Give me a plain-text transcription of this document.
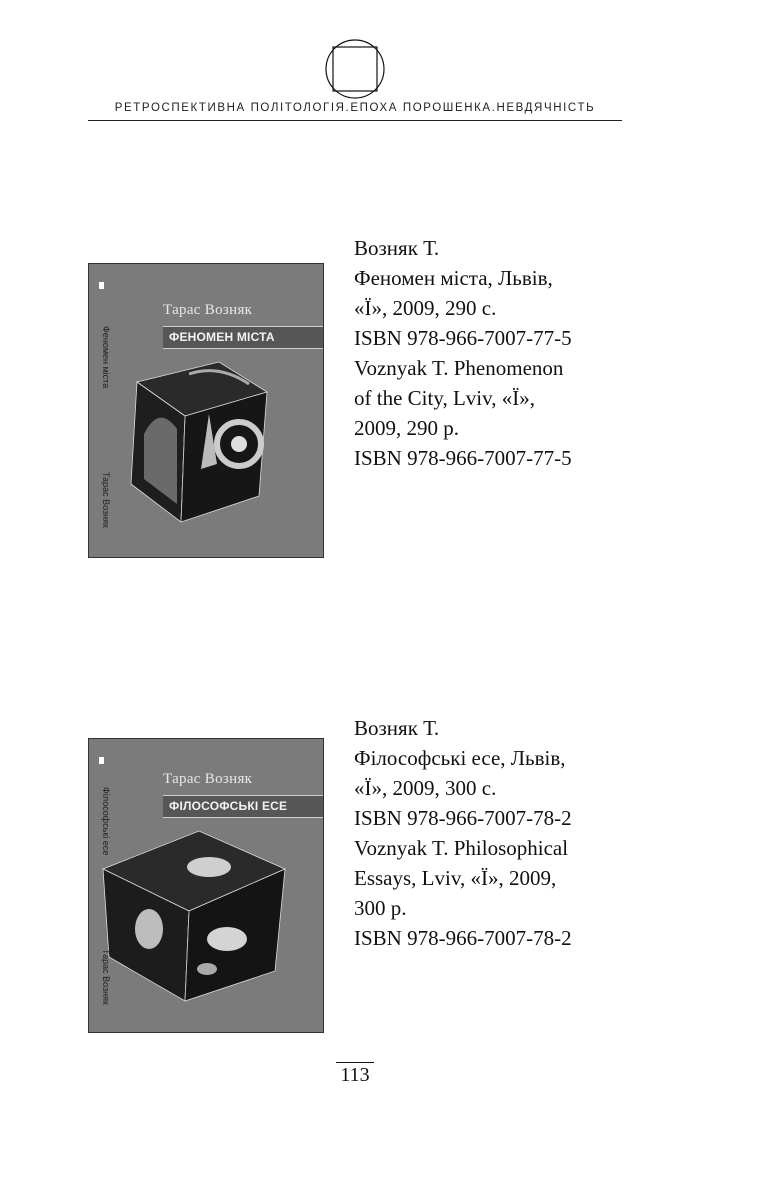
РЕТРОСПЕКТИВНА ПОЛІТОЛОГІЯ.ЕПОХА ПОРОШЕНКА.НЕВДЯЧНІСТЬ
Тарас Возняк
ФЕНОМЕН МІСТА
Феномен міста
Тарас Возняк
Возняк Т.
Феномен міста, Львів,
«Ї», 2009, 290 с.
ISBN 978-966-7007-77-5
Voznyak T. Phenomenon
of the City, Lviv, «Ї»,
2009, 290 p.
ISBN 978-966-7007-77-5
Тарас Возняк
ФІЛОСОФСЬКІ ЕСЕ
Філософські есе
Тарас Возняк
Возняк Т.
Філософські есе, Львів,
«Ї», 2009, 300 с.
ISBN 978-966-7007-78-2
Voznyak T. Philosophical
Essays, Lviv, «Ї», 2009,
300 p.
ISBN 978-966-7007-78-2
113
